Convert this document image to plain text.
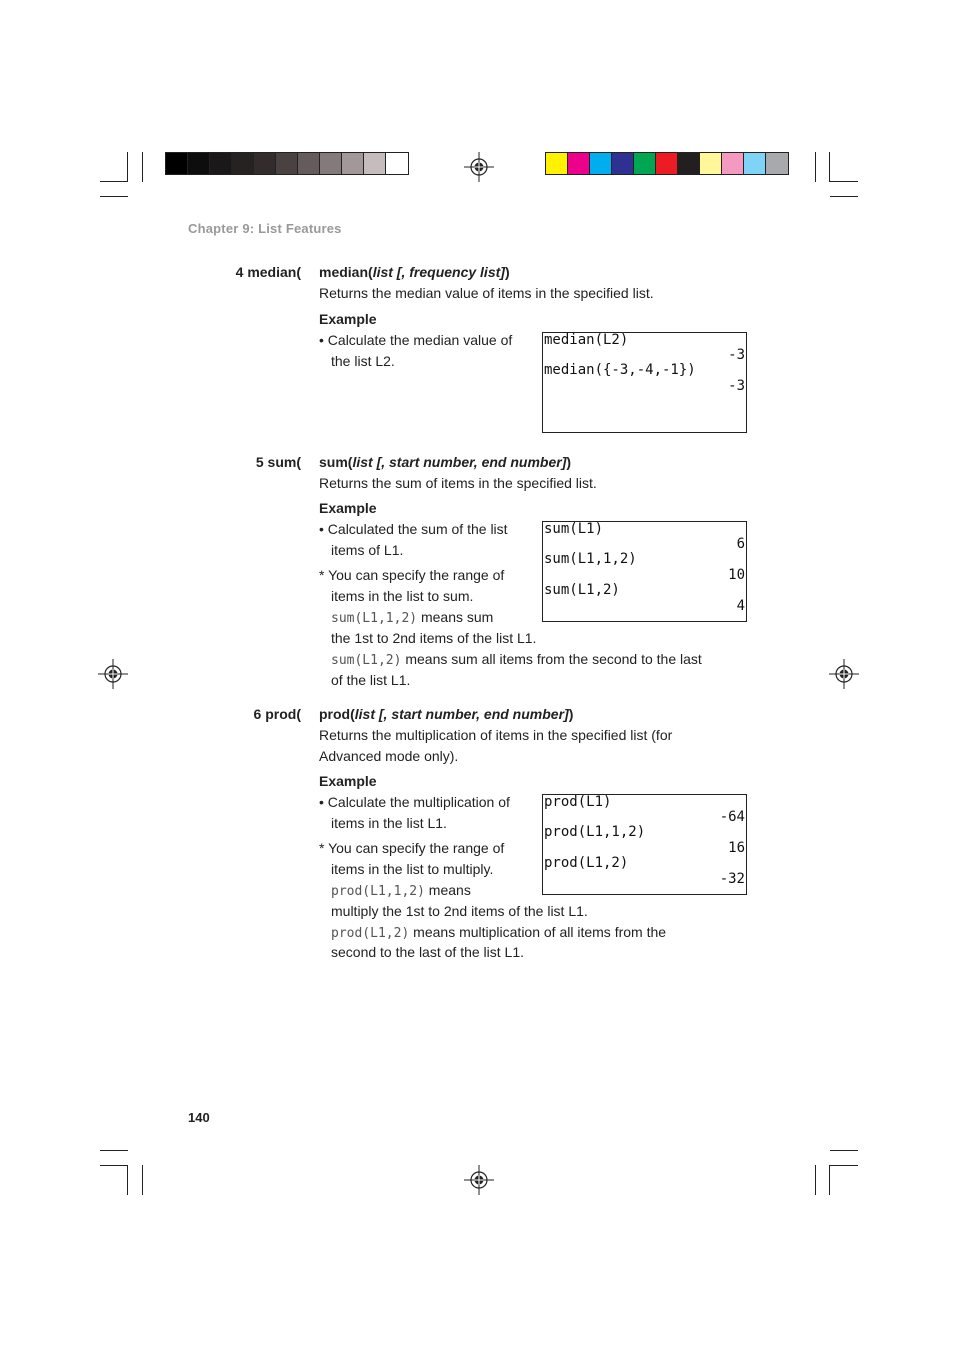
Chapter 9: List Features
4 median( median(list [, frequency list])
Returns the median value of items in the specified list.
Example
• Calculate the median value of
the list L2.
median(L2)
-3
median({-3,-4,-1})
-3
5 sum( sum(list [, start number, end number])
Returns the sum of items in the specified list.
Example
• Calculated the sum of the list
items of L1.
* You can specify the range of
items in the list to sum.
sum(L1,1,2) means sum
the 1st to 2nd items of the list L1.
sum(L1,2) means sum all items from the second to the last
of the list L1.
sum(L1)
6
sum(L1,1,2)
10
sum(L1,2)
4
6 prod( prod(list [, start number, end number])
Returns the multiplication of items in the specified list (for
Advanced mode only).
Example
• Calculate the multiplication of
items in the list L1.
* You can specify the range of
items in the list to multiply.
prod(L1,1,2) means
multiply the 1st to 2nd items of the list L1.
prod(L1,2) means multiplication of all items from the
second to the last of the list L1.
prod(L1)
-64
prod(L1,1,2)
16
prod(L1,2)
-32
140
